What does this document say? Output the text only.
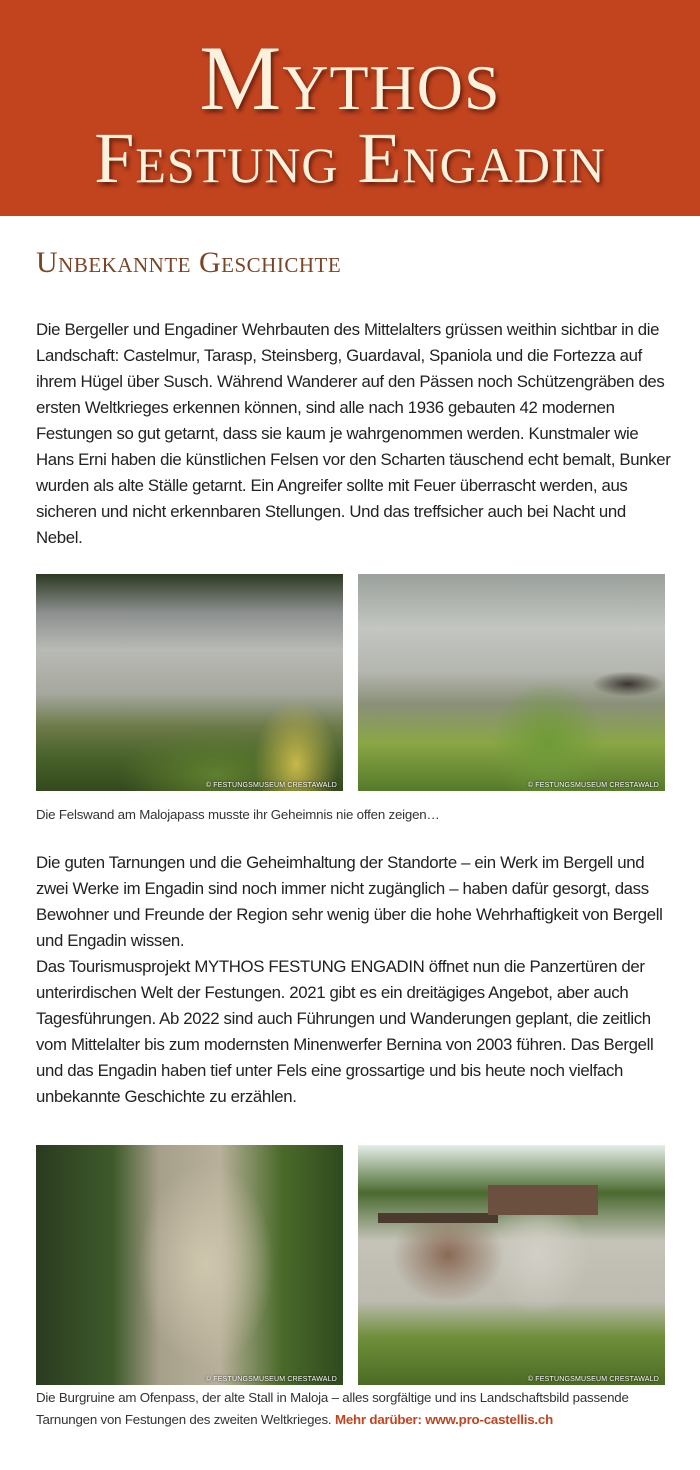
Mythos
Festung Engadin
Unbekannte Geschichte
Die Bergeller und Engadiner Wehrbauten des Mittelalters grüssen weithin sichtbar in die Landschaft: Castelmur, Tarasp, Steinsberg, Guardaval, Spaniola und die Fortezza auf ihrem Hügel über Susch. Während Wanderer auf den Pässen noch Schützengräben des ersten Weltkrieges erkennen können, sind alle nach 1936 gebauten 42 modernen Festungen so gut getarnt, dass sie kaum je wahrgenommen werden. Kunstmaler wie Hans Erni haben die künstlichen Felsen vor den Scharten täuschend echt bemalt, Bunker wurden als alte Ställe getarnt. Ein Angreifer sollte mit Feuer überrascht werden, aus sicheren und nicht erkennbaren Stellungen. Und das treffsicher auch bei Nacht und Nebel.
© FESTUNGSMUSEUM CRESTAWALD	© FESTUNGSMUSEUM CRESTAWALD
Die Felswand am Malojapass musste ihr Geheimnis nie offen zeigen…
Die guten Tarnungen und die Geheimhaltung der Standorte – ein Werk im Bergell und zwei Werke im Engadin sind noch immer nicht zugänglich – haben dafür gesorgt, dass Bewohner und Freunde der Region sehr wenig über die hohe Wehrhaftigkeit von Bergell und Engadin wissen.
Das Tourismusprojekt MYTHOS FESTUNG ENGADIN öffnet nun die Panzertüren der unterirdischen Welt der Festungen. 2021 gibt es ein dreitägiges Angebot, aber auch Tagesführungen. Ab 2022 sind auch Führungen und Wanderungen geplant, die zeitlich vom Mittelalter bis zum modernsten Minenwerfer Bernina von 2003 führen. Das Bergell und das Engadin haben tief unter Fels eine grossartige und bis heute noch vielfach unbekannte Geschichte zu erzählen.
© FESTUNGSMUSEUM CRESTAWALD	© FESTUNGSMUSEUM CRESTAWALD
Die Burgruine am Ofenpass, der alte Stall in Maloja – alles sorgfältige und ins Landschaftsbild passende Tarnungen von Festungen des zweiten Weltkrieges. Mehr darüber: www.pro-castellis.ch
